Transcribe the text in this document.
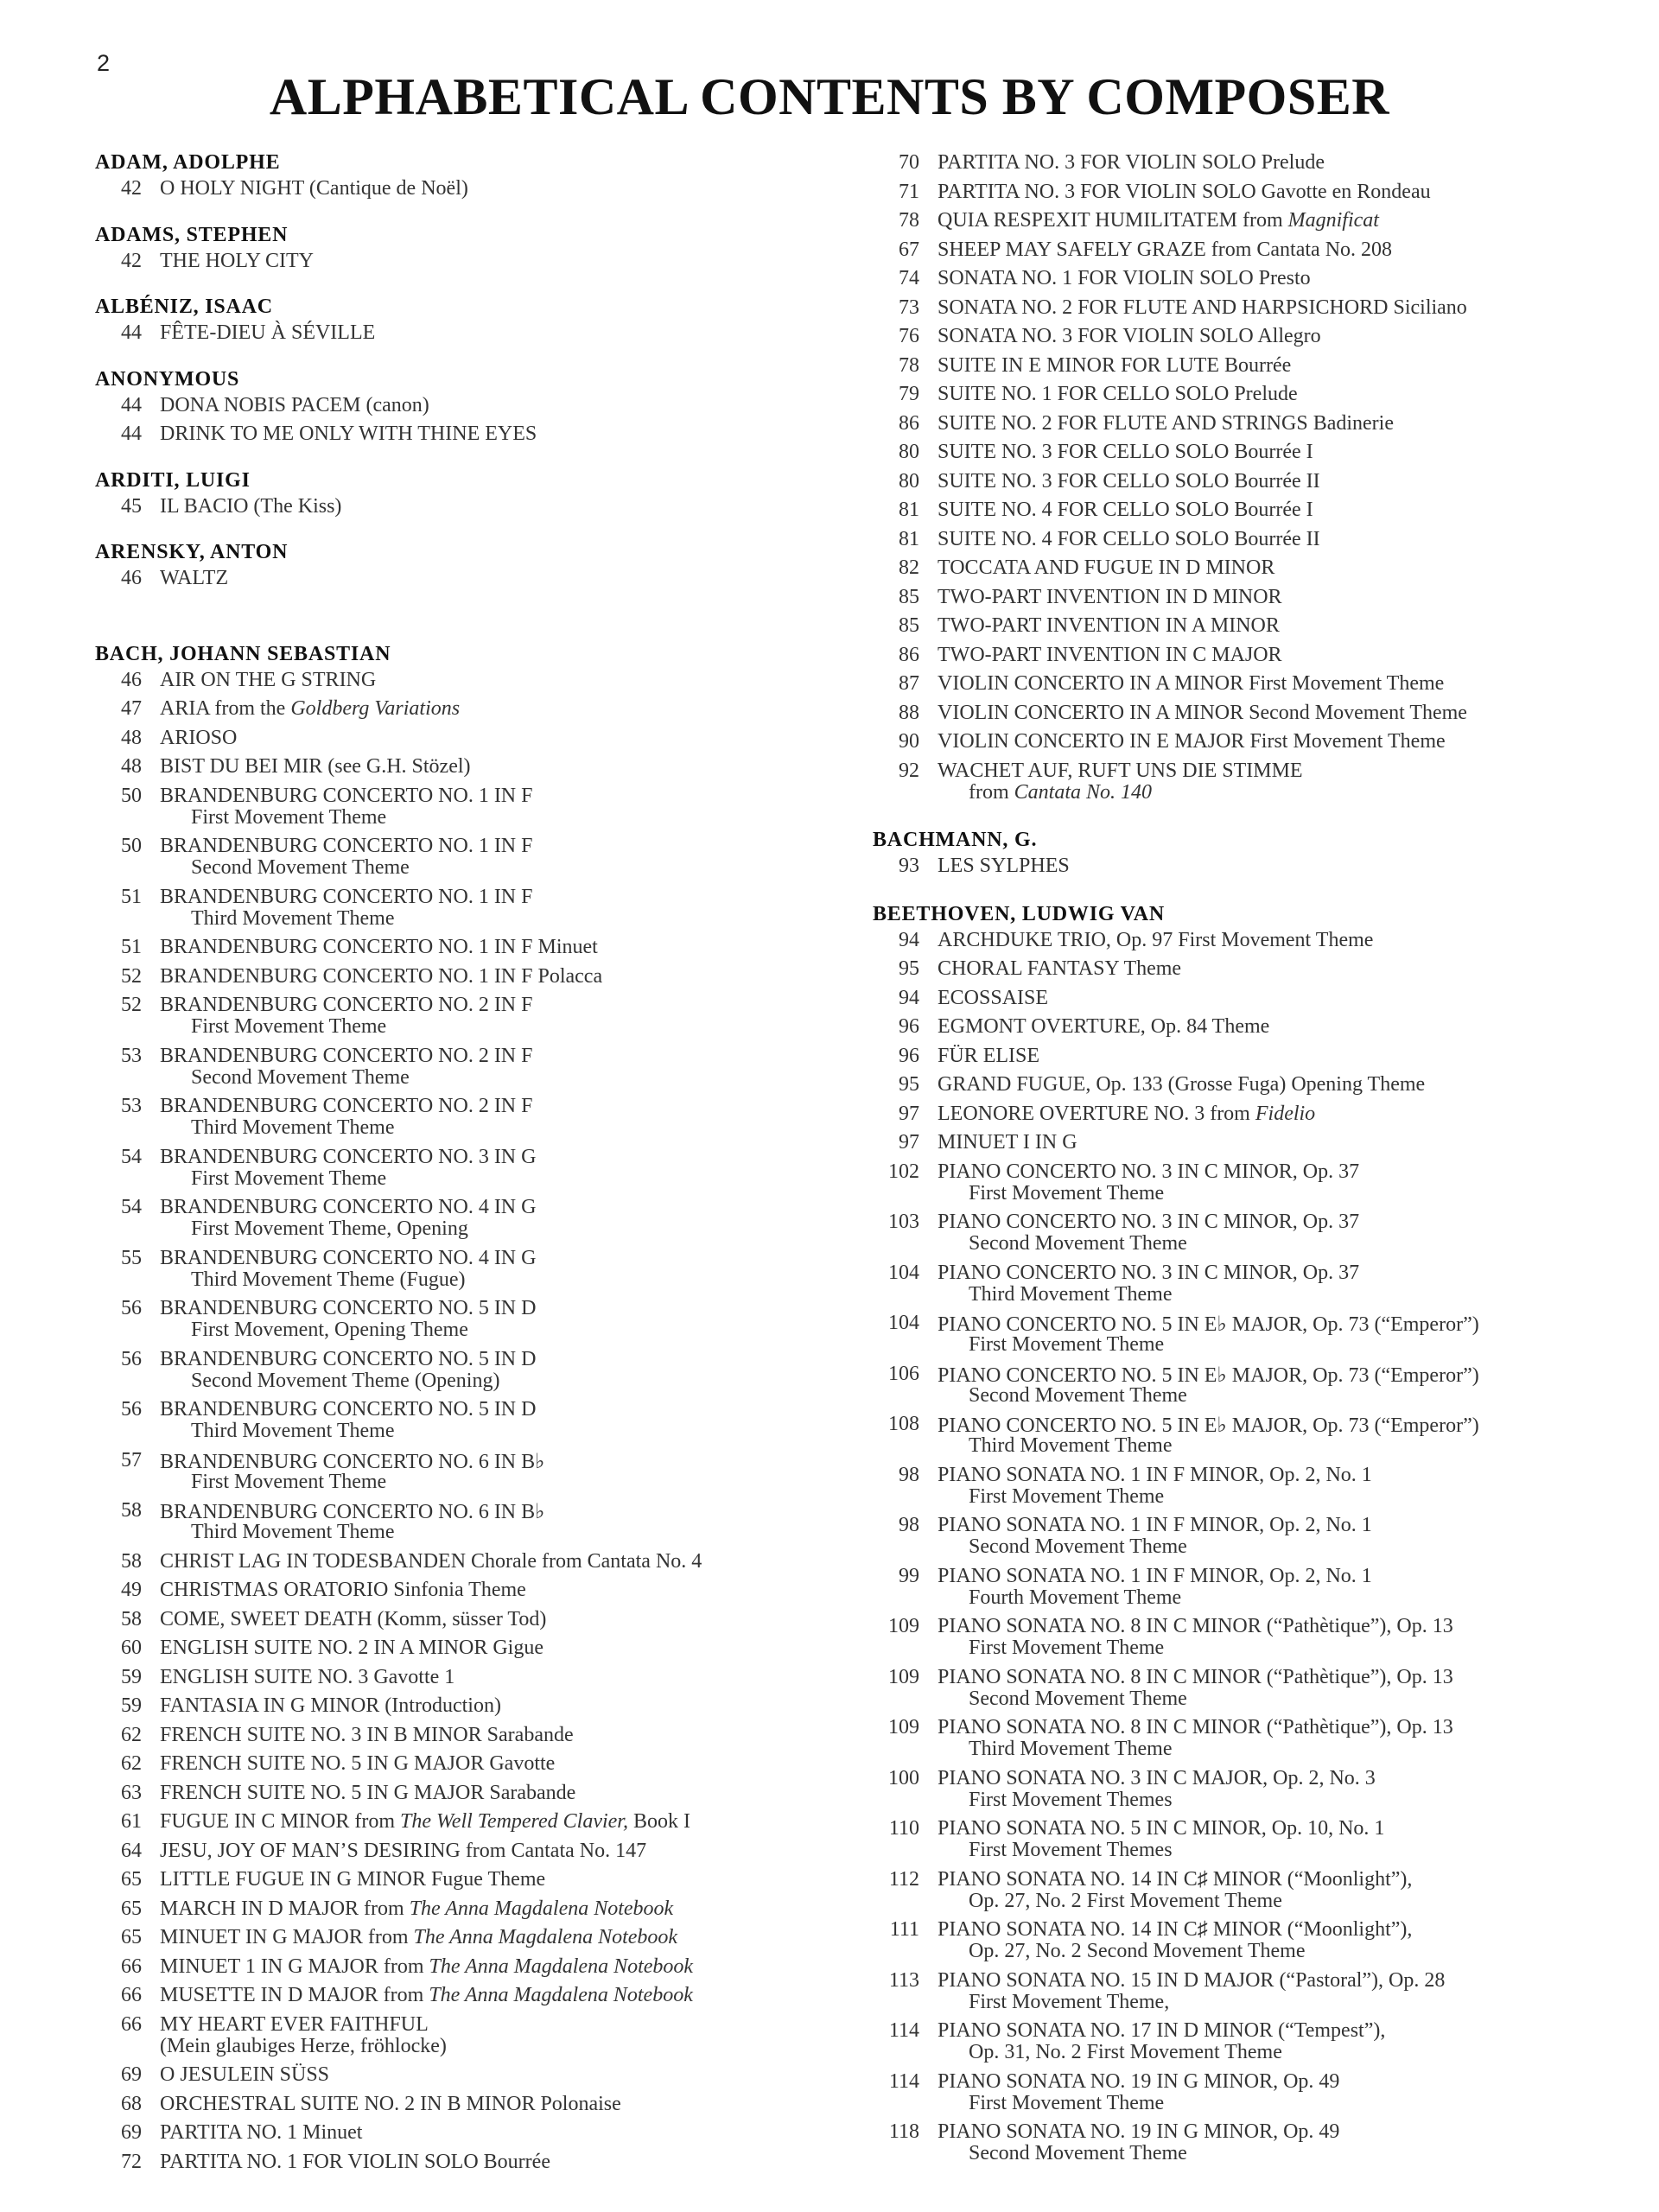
2
ALPHABETICAL CONTENTS BY COMPOSER
ADAM, ADOLPHE
42 O HOLY NIGHT (Cantique de Noël)
ADAMS, STEPHEN
42 THE HOLY CITY
ALBÉNIZ, ISAAC
44 FÊTE-DIEU À SÉVILLE
ANONYMOUS
44 DONA NOBIS PACEM (canon)
44 DRINK TO ME ONLY WITH THINE EYES
ARDITI, LUIGI
45 IL BACIO (The Kiss)
ARENSKY, ANTON
46 WALTZ
BACH, JOHANN SEBASTIAN
46 AIR ON THE G STRING
47 ARIA from the Goldberg Variations
48 ARIOSO
48 BIST DU BEI MIR (see G.H. Stözel)
50 BRANDENBURG CONCERTO NO. 1 IN F
First Movement Theme
50 BRANDENBURG CONCERTO NO. 1 IN F
Second Movement Theme
51 BRANDENBURG CONCERTO NO. 1 IN F
Third Movement Theme
51 BRANDENBURG CONCERTO NO. 1 IN F Minuet
52 BRANDENBURG CONCERTO NO. 1 IN F Polacca
52 BRANDENBURG CONCERTO NO. 2 IN F
First Movement Theme
53 BRANDENBURG CONCERTO NO. 2 IN F
Second Movement Theme
53 BRANDENBURG CONCERTO NO. 2 IN F
Third Movement Theme
54 BRANDENBURG CONCERTO NO. 3 IN G
First Movement Theme
54 BRANDENBURG CONCERTO NO. 4 IN G
First Movement Theme, Opening
55 BRANDENBURG CONCERTO NO. 4 IN G
Third Movement Theme (Fugue)
56 BRANDENBURG CONCERTO NO. 5 IN D
First Movement, Opening Theme
56 BRANDENBURG CONCERTO NO. 5 IN D
Second Movement Theme (Opening)
56 BRANDENBURG CONCERTO NO. 5 IN D
Third Movement Theme
57 BRANDENBURG CONCERTO NO. 6 IN B♭
First Movement Theme
58 BRANDENBURG CONCERTO NO. 6 IN B♭
Third Movement Theme
58 CHRIST LAG IN TODESBANDEN Chorale from Cantata No. 4
49 CHRISTMAS ORATORIO Sinfonia Theme
58 COME, SWEET DEATH (Komm, süsser Tod)
60 ENGLISH SUITE NO. 2 IN A MINOR Gigue
59 ENGLISH SUITE NO. 3 Gavotte 1
59 FANTASIA IN G MINOR (Introduction)
62 FRENCH SUITE NO. 3 IN B MINOR Sarabande
62 FRENCH SUITE NO. 5 IN G MAJOR Gavotte
63 FRENCH SUITE NO. 5 IN G MAJOR Sarabande
61 FUGUE IN C MINOR from The Well Tempered Clavier, Book I
64 JESU, JOY OF MAN’S DESIRING from Cantata No. 147
65 LITTLE FUGUE IN G MINOR Fugue Theme
65 MARCH IN D MAJOR from The Anna Magdalena Notebook
65 MINUET IN G MAJOR from The Anna Magdalena Notebook
66 MINUET 1 IN G MAJOR from The Anna Magdalena Notebook
66 MUSETTE IN D MAJOR from The Anna Magdalena Notebook
66 MY HEART EVER FAITHFUL
(Mein glaubiges Herze, fröhlocke)
69 O JESULEIN SÜSS
68 ORCHESTRAL SUITE NO. 2 IN B MINOR Polonaise
69 PARTITA NO. 1 Minuet
72 PARTITA NO. 1 FOR VIOLIN SOLO Bourrée
70 PARTITA NO. 3 FOR VIOLIN SOLO Prelude
71 PARTITA NO. 3 FOR VIOLIN SOLO Gavotte en Rondeau
78 QUIA RESPEXIT HUMILITATEM from Magnificat
67 SHEEP MAY SAFELY GRAZE from Cantata No. 208
74 SONATA NO. 1 FOR VIOLIN SOLO Presto
73 SONATA NO. 2 FOR FLUTE AND HARPSICHORD Siciliano
76 SONATA NO. 3 FOR VIOLIN SOLO Allegro
78 SUITE IN E MINOR FOR LUTE Bourrée
79 SUITE NO. 1 FOR CELLO SOLO Prelude
86 SUITE NO. 2 FOR FLUTE AND STRINGS Badinerie
80 SUITE NO. 3 FOR CELLO SOLO Bourrée I
80 SUITE NO. 3 FOR CELLO SOLO Bourrée II
81 SUITE NO. 4 FOR CELLO SOLO Bourrée I
81 SUITE NO. 4 FOR CELLO SOLO Bourrée II
82 TOCCATA AND FUGUE IN D MINOR
85 TWO-PART INVENTION IN D MINOR
85 TWO-PART INVENTION IN A MINOR
86 TWO-PART INVENTION IN C MAJOR
87 VIOLIN CONCERTO IN A MINOR First Movement Theme
88 VIOLIN CONCERTO IN A MINOR Second Movement Theme
90 VIOLIN CONCERTO IN E MAJOR First Movement Theme
92 WACHET AUF, RUFT UNS DIE STIMME
from Cantata No. 140
BACHMANN, G.
93 LES SYLPHES
BEETHOVEN, LUDWIG VAN
94 ARCHDUKE TRIO, Op. 97 First Movement Theme
95 CHORAL FANTASY Theme
94 ECOSSAISE
96 EGMONT OVERTURE, Op. 84 Theme
96 FÜR ELISE
95 GRAND FUGUE, Op. 133 (Grosse Fuga) Opening Theme
97 LEONORE OVERTURE NO. 3 from Fidelio
97 MINUET I IN G
102 PIANO CONCERTO NO. 3 IN C MINOR, Op. 37
First Movement Theme
103 PIANO CONCERTO NO. 3 IN C MINOR, Op. 37
Second Movement Theme
104 PIANO CONCERTO NO. 3 IN C MINOR, Op. 37
Third Movement Theme
104 PIANO CONCERTO NO. 5 IN E♭ MAJOR, Op. 73 (“Emperor”)
First Movement Theme
106 PIANO CONCERTO NO. 5 IN E♭ MAJOR, Op. 73 (“Emperor”)
Second Movement Theme
108 PIANO CONCERTO NO. 5 IN E♭ MAJOR, Op. 73 (“Emperor”)
Third Movement Theme
98 PIANO SONATA NO. 1 IN F MINOR, Op. 2, No. 1
First Movement Theme
98 PIANO SONATA NO. 1 IN F MINOR, Op. 2, No. 1
Second Movement Theme
99 PIANO SONATA NO. 1 IN F MINOR, Op. 2, No. 1
Fourth Movement Theme
109 PIANO SONATA NO. 8 IN C MINOR (“Pathètique”), Op. 13
First Movement Theme
109 PIANO SONATA NO. 8 IN C MINOR (“Pathètique”), Op. 13
Second Movement Theme
109 PIANO SONATA NO. 8 IN C MINOR (“Pathètique”), Op. 13
Third Movement Theme
100 PIANO SONATA NO. 3 IN C MAJOR, Op. 2, No. 3
First Movement Themes
110 PIANO SONATA NO. 5 IN C MINOR, Op. 10, No. 1
First Movement Themes
112 PIANO SONATA NO. 14 IN C♯ MINOR (“Moonlight”),
Op. 27, No. 2 First Movement Theme
111 PIANO SONATA NO. 14 IN C♯ MINOR (“Moonlight”),
Op. 27, No. 2 Second Movement Theme
113 PIANO SONATA NO. 15 IN D MAJOR (“Pastoral”), Op. 28
First Movement Theme,
114 PIANO SONATA NO. 17 IN D MINOR (“Tempest”),
Op. 31, No. 2 First Movement Theme
114 PIANO SONATA NO. 19 IN G MINOR, Op. 49
First Movement Theme
118 PIANO SONATA NO. 19 IN G MINOR, Op. 49
Second Movement Theme
